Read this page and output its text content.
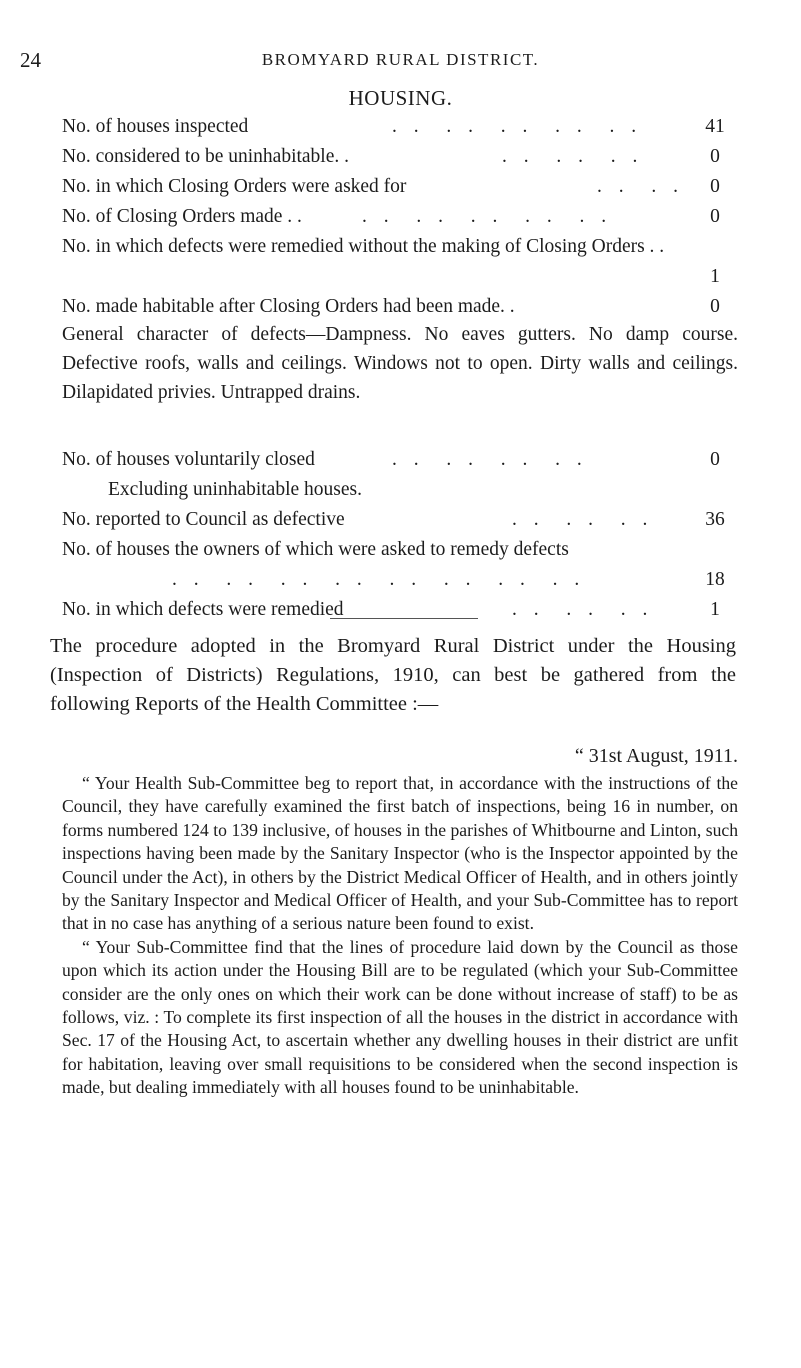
24	BROMYARD RURAL DISTRICT.
HOUSING.
No. of houses inspected	. .  . .  . .  . .  . .	41
No. considered to be uninhabitable. .	. .  . .  . .	0
No. in which Closing Orders were asked for	. .  . .	0
No. of Closing Orders made . .	. .  . .  . .  . .  . .	0
No. in which defects were remedied without the making of Closing Orders . .
1
No. made habitable after Closing Orders had been made. .	0
General character of defects—Dampness. No eaves gutters. No damp course. Defective roofs, walls and ceilings. Windows not to open. Dirty walls and ceilings. Dilapidated privies. Untrapped drains.
No. of houses voluntarily closed	. .  . .  . .  . .	0
Excluding uninhabitable houses.
No. reported to Council as defective	. .  . .  . .	36
No. of houses the owners of which were asked to remedy defects
. .  . .  . .  . .  . .  . .  . .  . .	18
No. in which defects were remedied	. .  . .  . .	1
The procedure adopted in the Bromyard Rural District under the Housing (Inspection of Districts) Regulations, 1910, can best be gathered from the following Reports of the Health Committee :—
“ 31st August, 1911.

“ Your Health Sub-Committee beg to report that, in accordance with the instructions of the Council, they have carefully examined the first batch of inspections, being 16 in number, on forms numbered 124 to 139 inclusive, of houses in the parishes of Whitbourne and Linton, such inspections having been made by the Sanitary Inspector (who is the Inspector appointed by the Council under the Act), in others by the District Medical Officer of Health, and in others jointly by the Sanitary Inspector and Medical Officer of Health, and your Sub-Committee has to report that in no case has anything of a serious nature been found to exist.

“ Your Sub-Committee find that the lines of procedure laid down by the Council as those upon which its action under the Housing Bill are to be regulated (which your Sub-Committee consider are the only ones on which their work can be done without increase of staff) to be as follows, viz. : To complete its first inspection of all the houses in the district in accordance with Sec. 17 of the Housing Act, to ascertain whether any dwelling houses in their district are unfit for habitation, leaving over small requisitions to be considered when the second inspection is made, but dealing immediately with all houses found to be uninhabitable.
